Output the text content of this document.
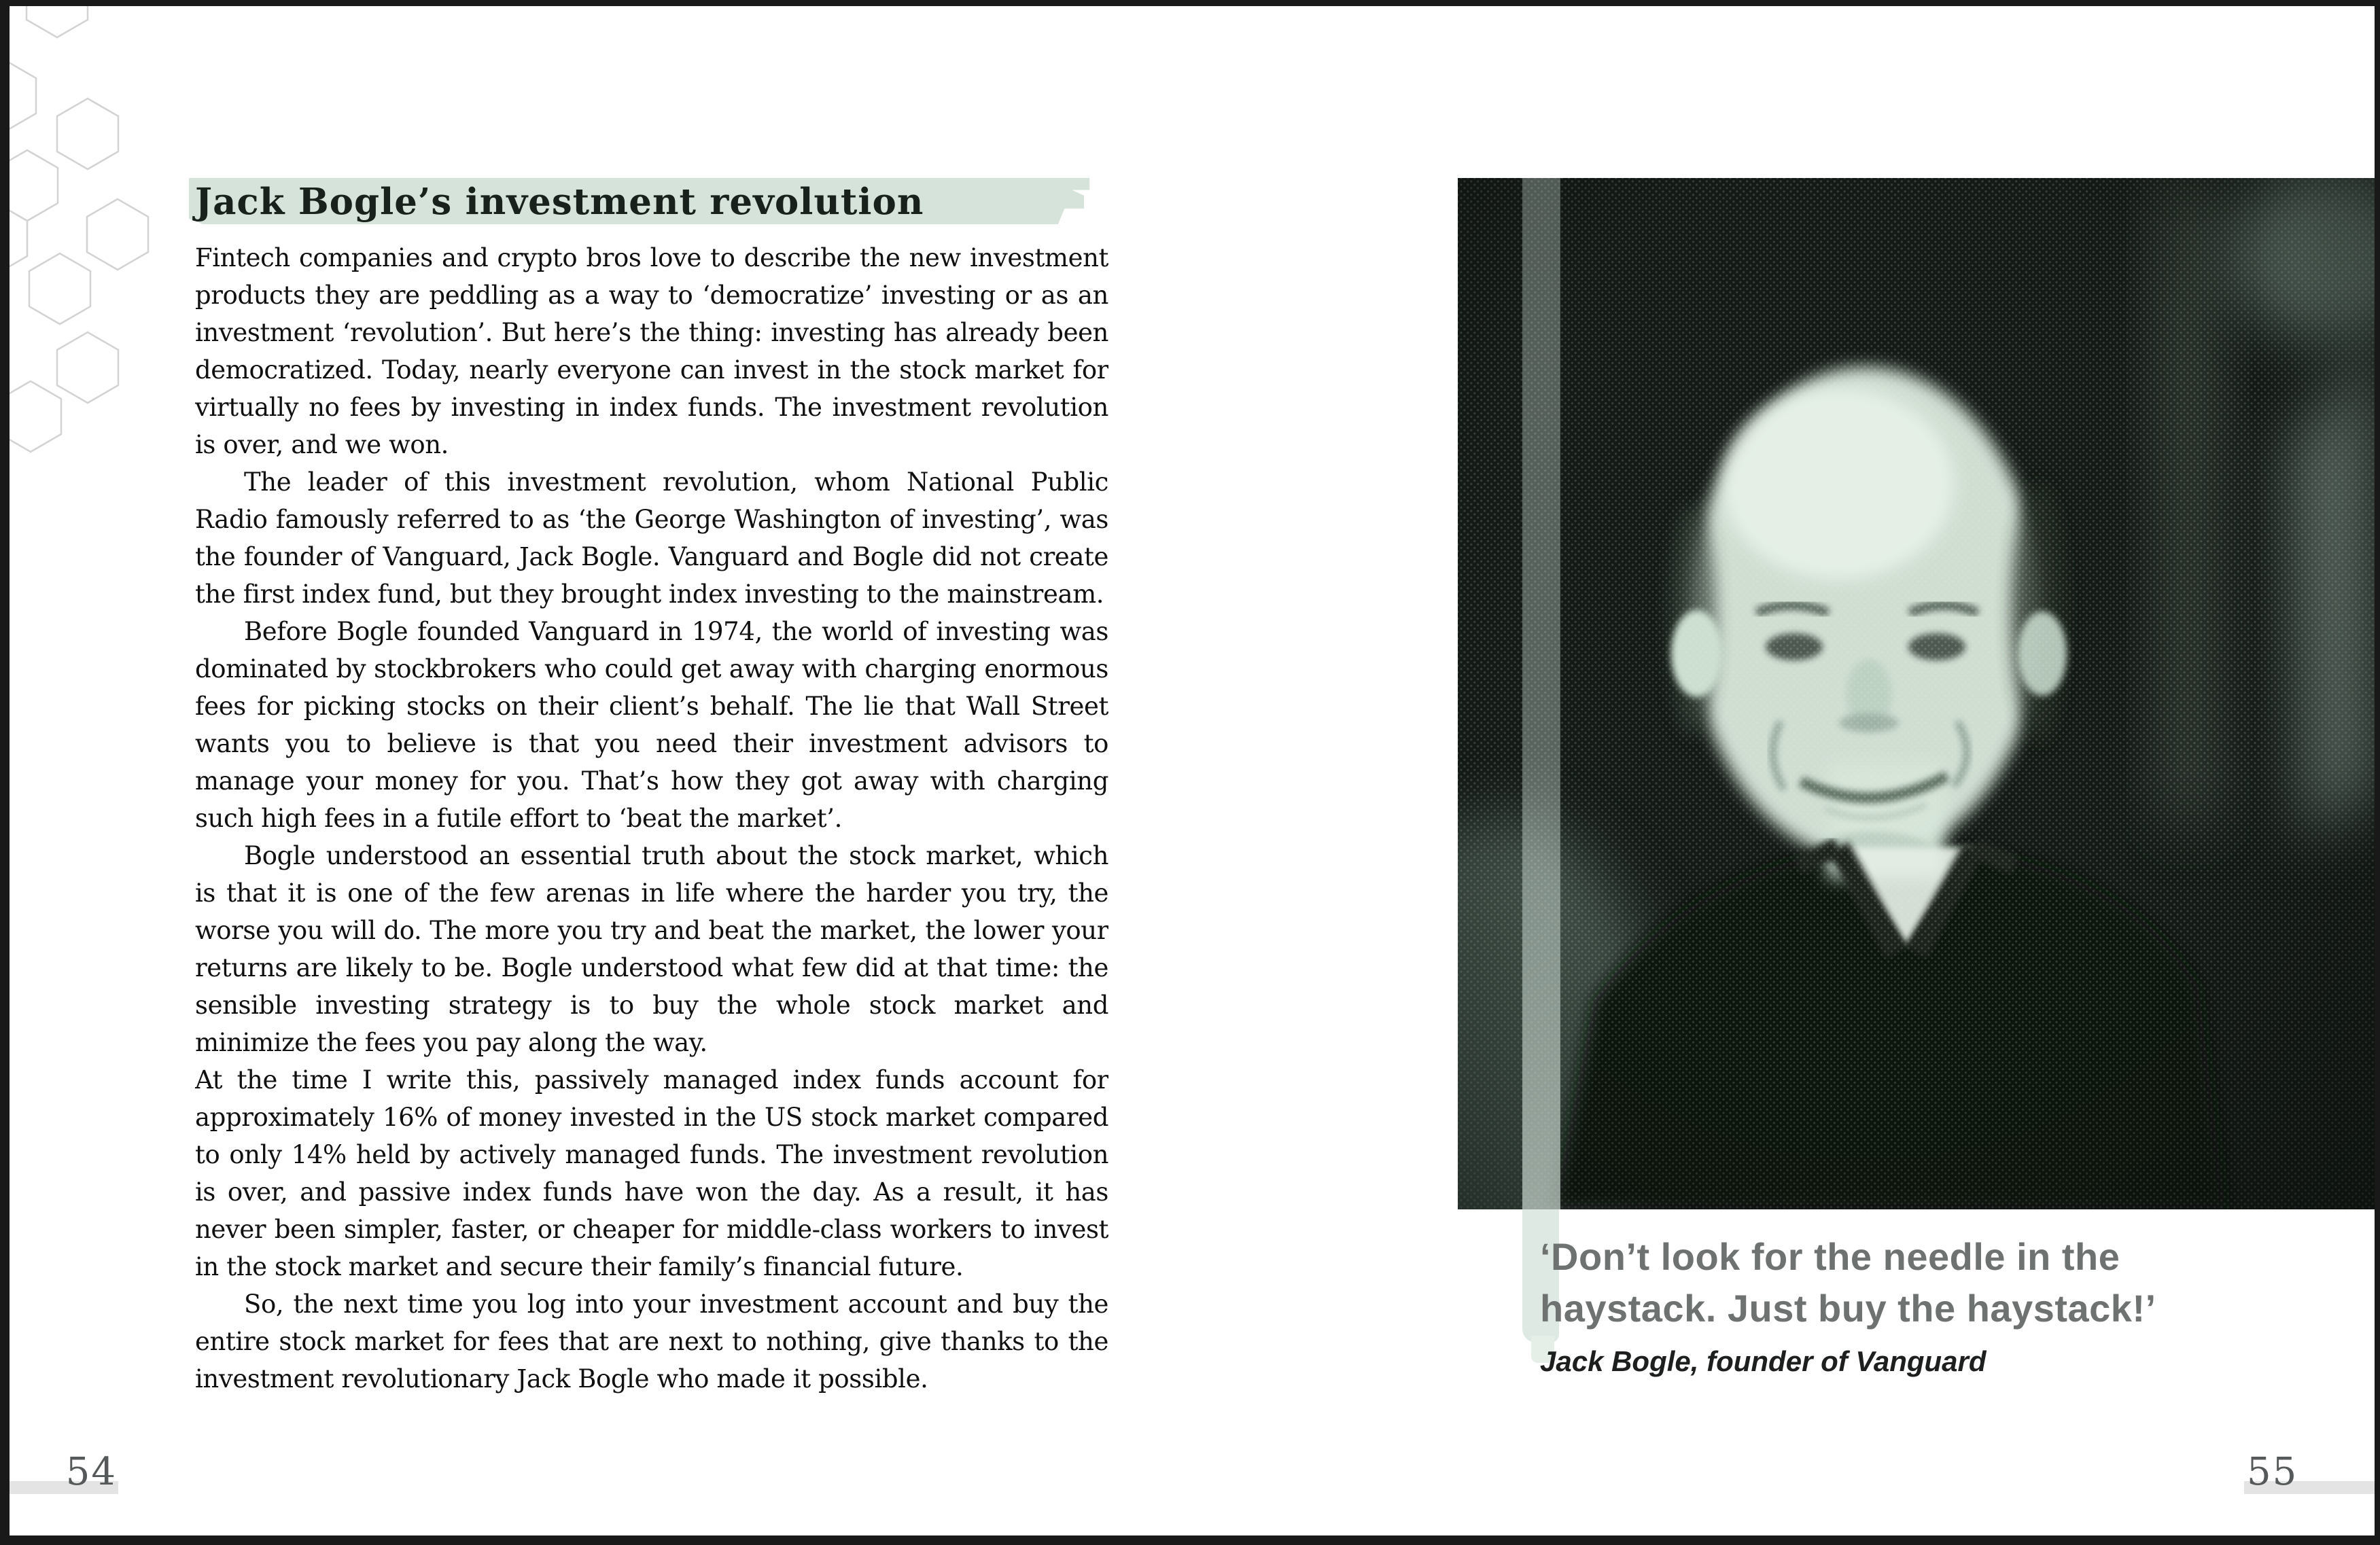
Jack Bogle’s investment revolution

Fintech companies and crypto bros love to describe the new investment products they are peddling as a way to ‘democratize’ investing or as an investment ‘revolution’. But here’s the thing: investing has already been democratized. Today, nearly everyone can invest in the stock market for virtually no fees by investing in index funds. The investment revolution is over, and we won.

The leader of this investment revolution, whom National Public Radio famously referred to as ‘the George Washington of investing’, was the founder of Vanguard, Jack Bogle. Vanguard and Bogle did not create the first index fund, but they brought index investing to the mainstream.

Before Bogle founded Vanguard in 1974, the world of investing was dominated by stockbrokers who could get away with charging enormous fees for picking stocks on their client’s behalf. The lie that Wall Street wants you to believe is that you need their investment advisors to manage your money for you. That’s how they got away with charging such high fees in a futile effort to ‘beat the market’.

Bogle understood an essential truth about the stock market, which is that it is one of the few arenas in life where the harder you try, the worse you will do. The more you try and beat the market, the lower your returns are likely to be. Bogle understood what few did at that time: the sensible investing strategy is to buy the whole stock market and minimize the fees you pay along the way.

At the time I write this, passively managed index funds account for approximately 16% of money invested in the US stock market compared to only 14% held by actively managed funds. The investment revolution is over, and passive index funds have won the day. As a result, it has never been simpler, faster, or cheaper for middle-class workers to invest in the stock market and secure their family’s financial future.

So, the next time you log into your investment account and buy the entire stock market for fees that are next to nothing, give thanks to the investment revolutionary Jack Bogle who made it possible.

‘Don’t look for the needle in the haystack. Just buy the haystack!’
Jack Bogle, founder of Vanguard
54	55
